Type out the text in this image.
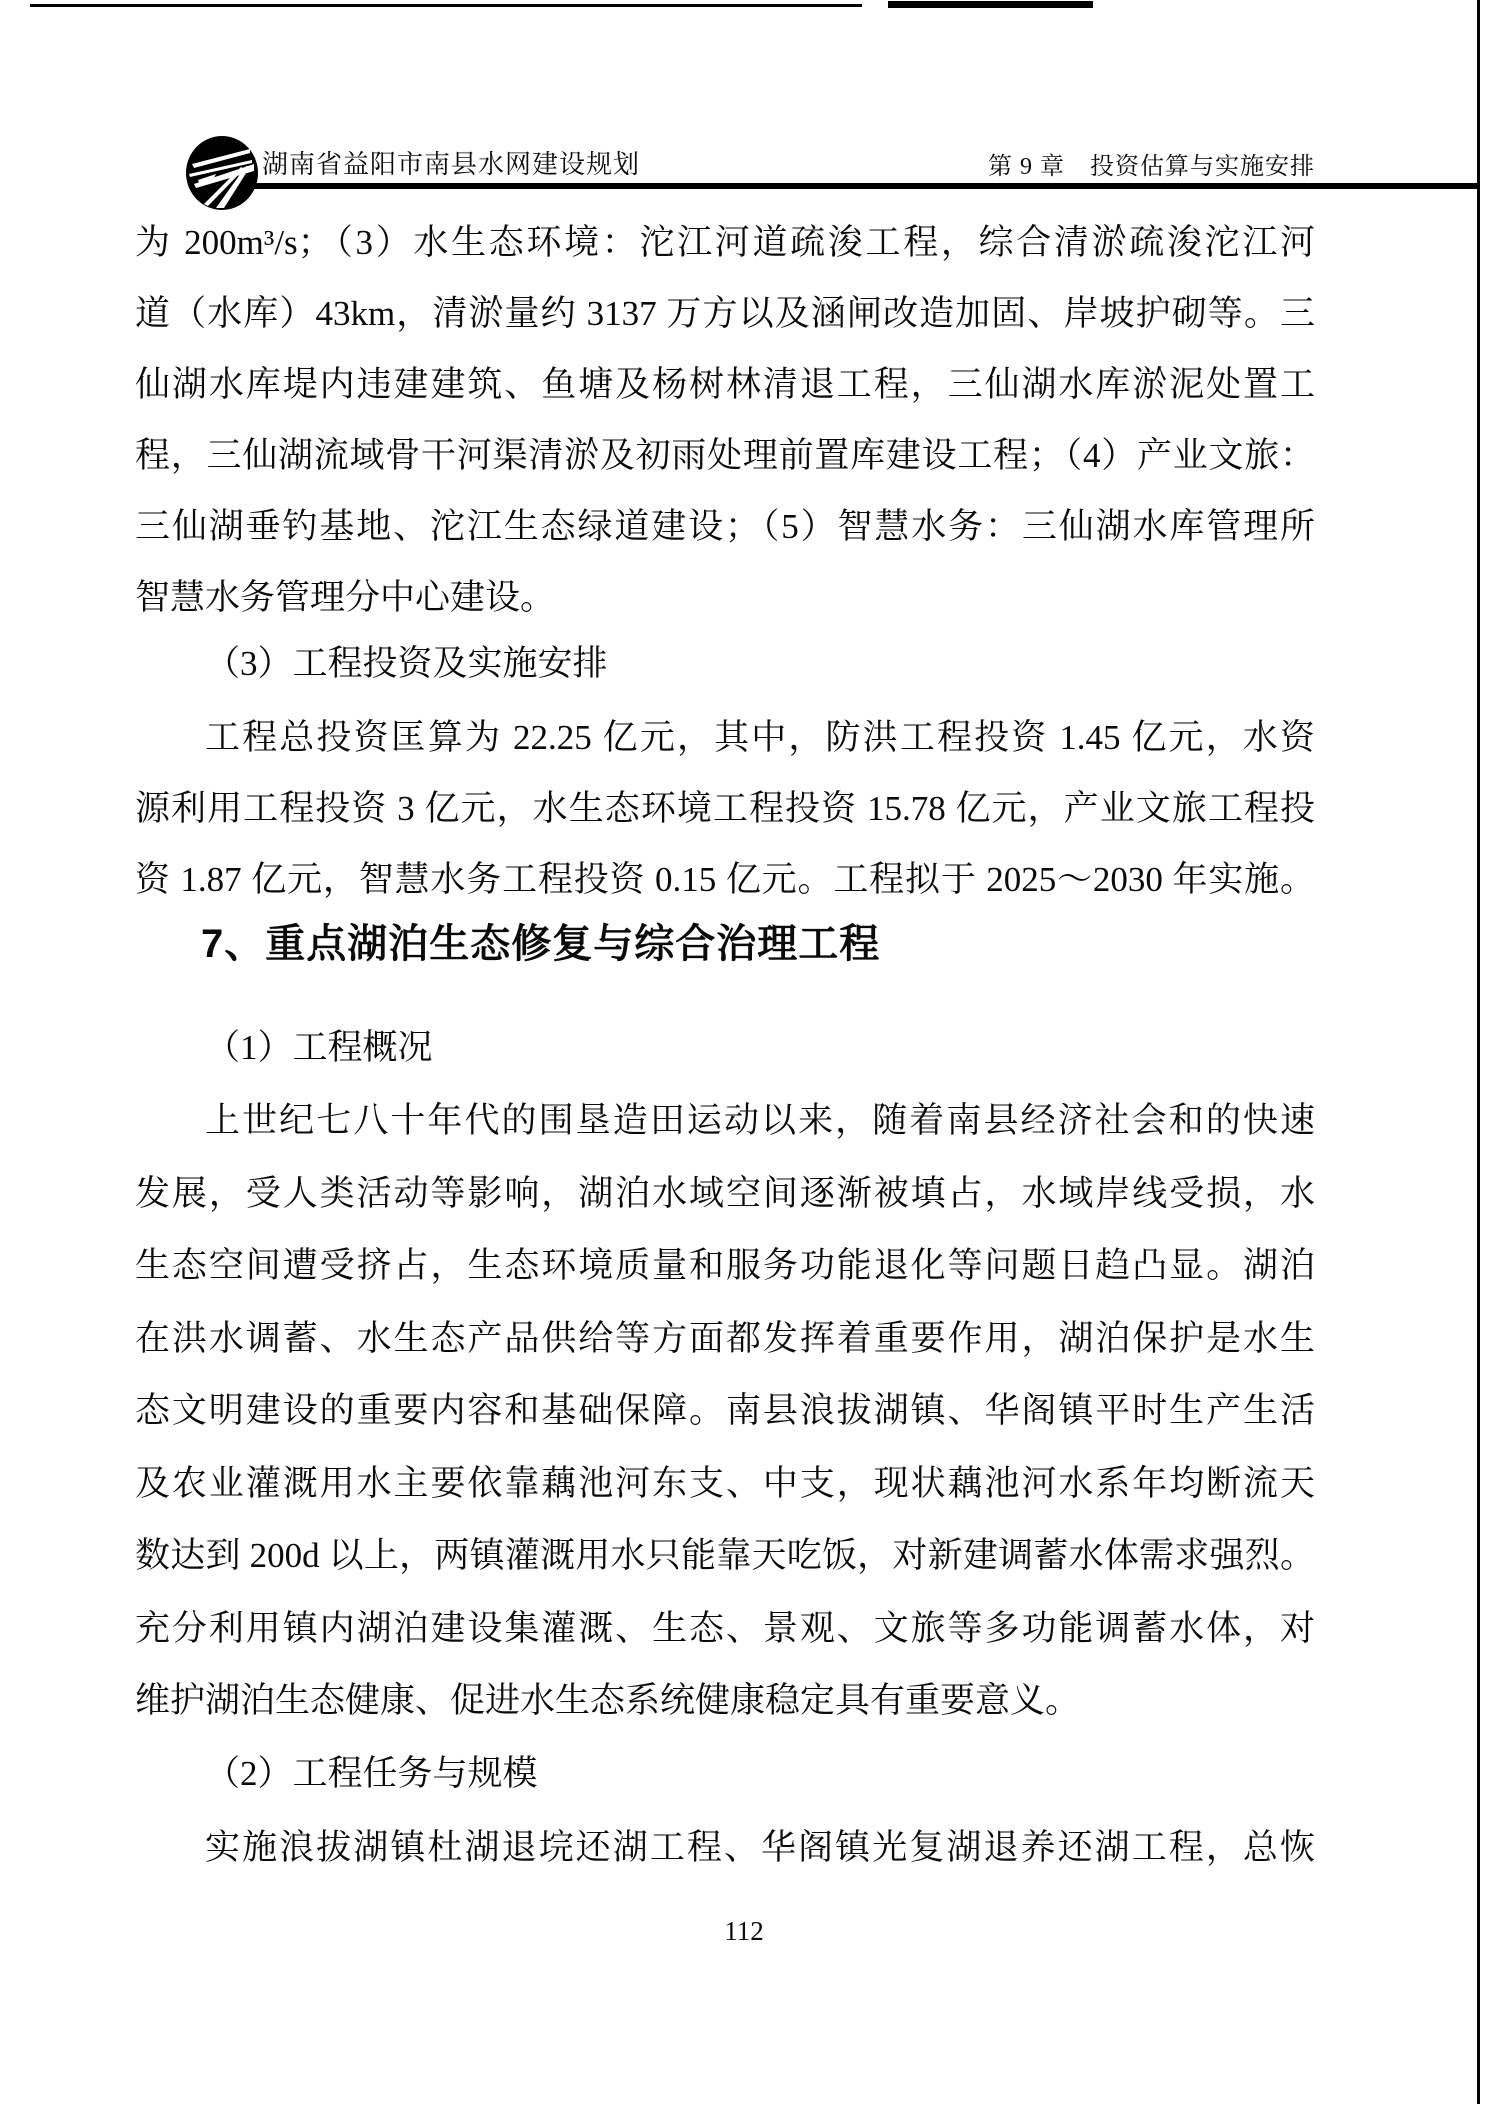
湖南省益阳市南县水网建设规划	第 9 章　投资估算与实施安排
为 200m³/s；（3）水生态环境：沱江河道疏浚工程，综合清淤疏浚沱江河
道（水库）43km，清淤量约 3137 万方以及涵闸改造加固、岸坡护砌等。三
仙湖水库堤内违建建筑、鱼塘及杨树林清退工程，三仙湖水库淤泥处置工
程，三仙湖流域骨干河渠清淤及初雨处理前置库建设工程；（4）产业文旅：
三仙湖垂钓基地、沱江生态绿道建设；（5）智慧水务：三仙湖水库管理所
智慧水务管理分中心建设。
（3）工程投资及实施安排
工程总投资匡算为 22.25 亿元，其中，防洪工程投资 1.45 亿元，水资
源利用工程投资 3 亿元，水生态环境工程投资 15.78 亿元，产业文旅工程投
资 1.87 亿元，智慧水务工程投资 0.15 亿元。工程拟于 2025～2030 年实施。
7、重点湖泊生态修复与综合治理工程
（1）工程概况
上世纪七八十年代的围垦造田运动以来，随着南县经济社会和的快速
发展，受人类活动等影响，湖泊水域空间逐渐被填占，水域岸线受损，水
生态空间遭受挤占，生态环境质量和服务功能退化等问题日趋凸显。湖泊
在洪水调蓄、水生态产品供给等方面都发挥着重要作用，湖泊保护是水生
态文明建设的重要内容和基础保障。南县浪拔湖镇、华阁镇平时生产生活
及农业灌溉用水主要依靠藕池河东支、中支，现状藕池河水系年均断流天
数达到 200d 以上，两镇灌溉用水只能靠天吃饭，对新建调蓄水体需求强烈。
充分利用镇内湖泊建设集灌溉、生态、景观、文旅等多功能调蓄水体，对
维护湖泊生态健康、促进水生态系统健康稳定具有重要意义。
（2）工程任务与规模
实施浪拔湖镇杜湖退垸还湖工程、华阁镇光复湖退养还湖工程，总恢
112
